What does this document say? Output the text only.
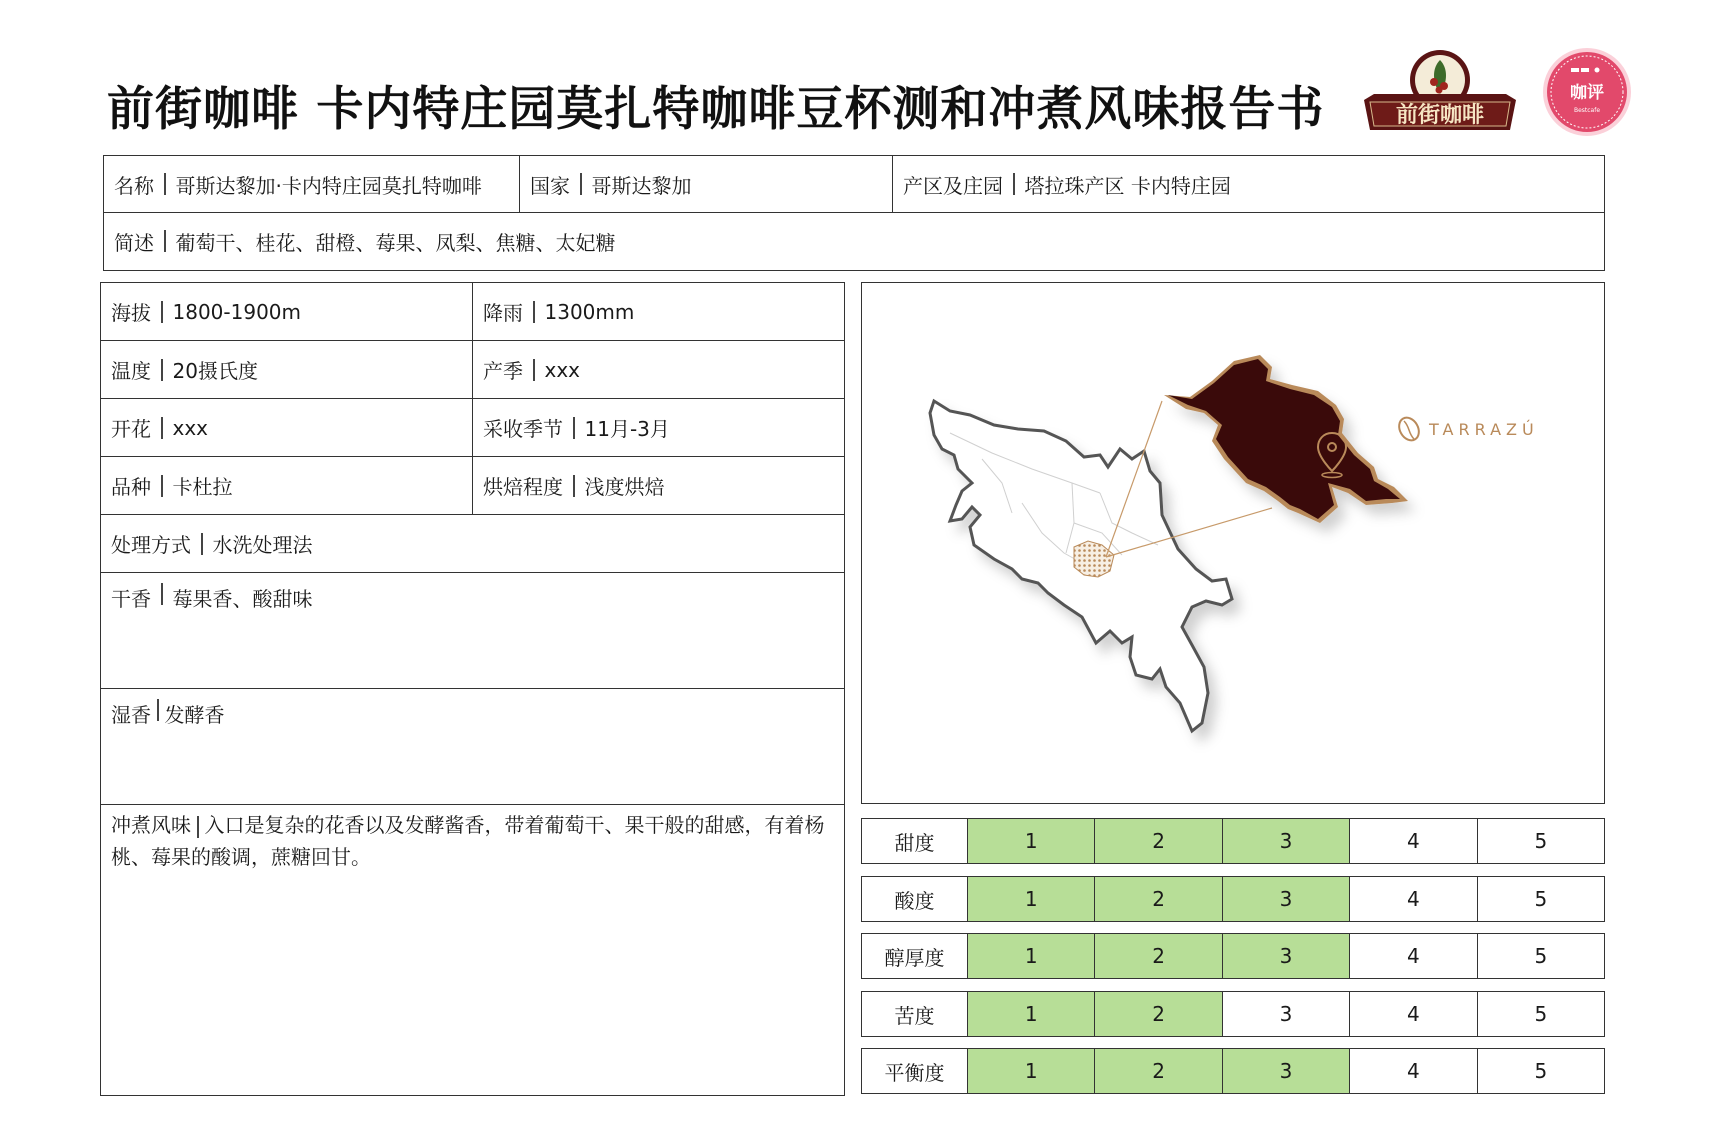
前街咖啡 卡内特庄园莫扎特咖啡豆杯测和冲煮风味报告书	前街咖啡
咖评
Bestcafe
名称 哥斯达黎加·卡内特庄园莫扎特咖啡 国家 哥斯达黎加	产区及庄园 塔拉珠产区 卡内特庄园
简述 葡萄干、桂花、甜橙、莓果、凤梨、焦糖、太妃糖
海拔 1800-1900m	降雨 1300mm
温度 20摄氏度	产季 xxx
开花 xxx	采收季节 11月-3月
品种 卡杜拉	烘焙程度 浅度烘焙
处理方式 水洗处理法
干香 莓果香、酸甜味
湿香 发酵香
冲煮风味 入口是复杂的花香以及发酵酱香，带着葡萄干、果干般的甜感，有着杨桃、莓果的酸调，蔗糖回甘。
TARRAZÚ
甜度	1	2	3	4	5
酸度	1	2	3	4	5
醇厚度	1	2	3	4	5
苦度	1	2	3	4	5
平衡度	1	2	3	4	5
